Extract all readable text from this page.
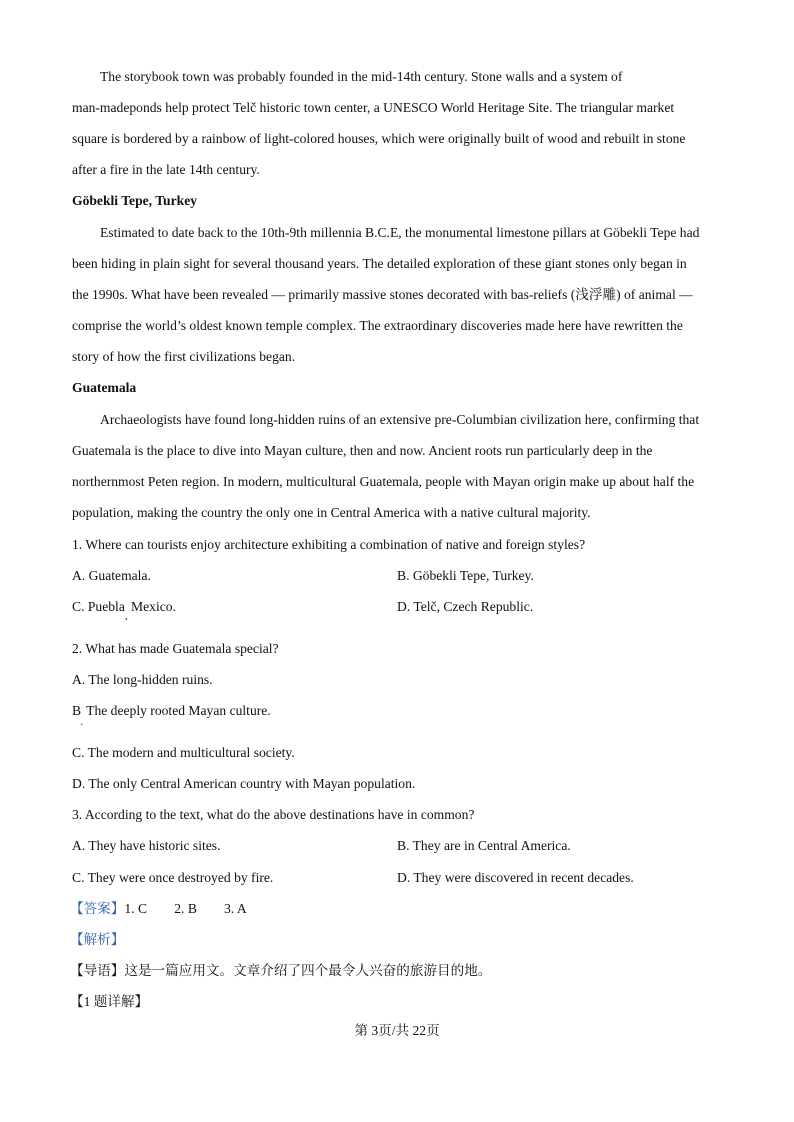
The storybook town was probably founded in the mid-14th century. Stone walls and a system of
man-madeponds help protect Telč historic town center, a UNESCO World Heritage Site. The triangular market
square is bordered by a rainbow of light-colored houses, which were originally built of wood and rebuilt in stone
after a fire in the late 14th century.
Göbekli Tepe, Turkey
Estimated to date back to the 10th-9th millennia B.C.E, the monumental limestone pillars at Göbekli Tepe had
been hiding in plain sight for several thousand years. The detailed exploration of these giant stones only began in
the 1990s. What have been revealed — primarily massive stones decorated with bas-reliefs (浅浮雕) of animal —
comprise the world’s oldest known temple complex. The extraordinary discoveries made here have rewritten the
story of how the first civilizations began.
Guatemala
Archaeologists have found long-hidden ruins of an extensive pre-Columbian civilization here, confirming that
Guatemala is the place to dive into Mayan culture, then and now. Ancient roots run particularly deep in the
northernmost Peten region. In modern, multicultural Guatemala, people with Mayan origin make up about half the
population, making the country the only one in Central America with a native cultural majority.
1. Where can tourists enjoy architecture exhibiting a combination of native and foreign styles?
A. Guatemala.	B. Göbekli Tepe, Turkey.
C. Puebla$_,$ Mexico.	D. Telč, Czech Republic.
2. What has made Guatemala special?
A. The long-hidden ruins.
B $_.$ The deeply rooted Mayan culture.
C. The modern and multicultural society.
D. The only Central American country with Mayan population.
3. According to the text, what do the above destinations have in common?
A. They have historic sites.	B. They are in Central America.
C. They were once destroyed by fire.	D. They were discovered in recent decades.
【答案】1. C        2. B        3. A
【解析】
【导语】这是一篇应用文。文章介绍了四个最令人兴奋的旅游目的地。
【1 题详解】
第 3页/共 22页
